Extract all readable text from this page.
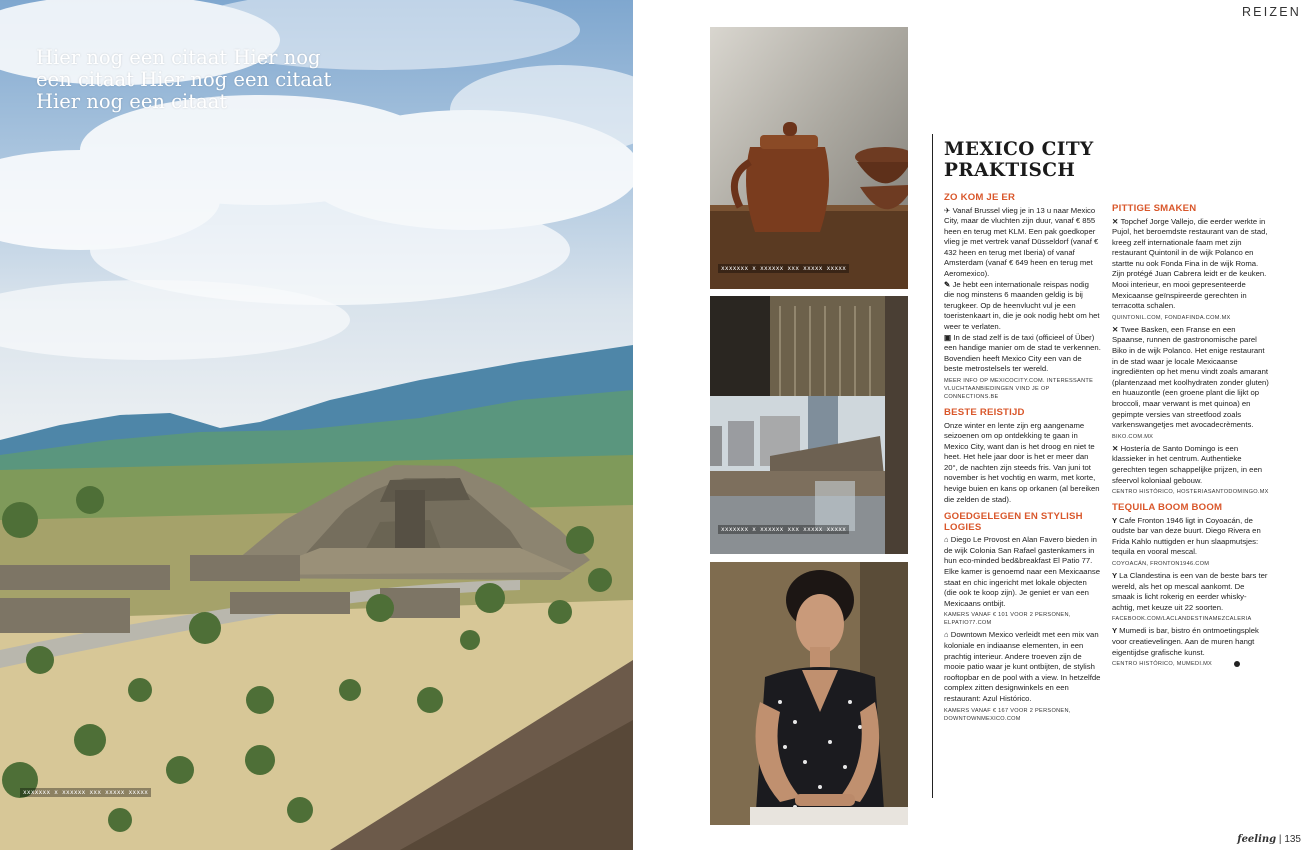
Hier nog een citaat Hier nog een citaat Hier nog een citaat Hier nog een citaat
xxxxxxx x xxxxxx xxx xxxxx xxxxx
REIZEN
xxxxxxx x xxxxxx xxx xxxxx xxxxx
xxxxxxx x xxxxxx xxx xxxxx xxxxx
MEXICO CITY PRAKTISCH
ZO KOM JE ER

✈ Vanaf Brussel vlieg je in 13 u naar Mexico City, maar de vluchten zijn duur, vanaf € 855 heen en terug met KLM. Een pak goedkoper vlieg je met vertrek vanaf Düsseldorf (vanaf € 432 heen en terug met Iberia) of vanaf Amsterdam (vanaf € 649 heen en terug met Aeromexico).

✎ Je hebt een internationale reispas nodig die nog minstens 6 maanden geldig is bij terugkeer. Op de heenvlucht vul je een toeristenkaart in, die je ook nodig hebt om het weer te verlaten.

▣ In de stad zelf is de taxi (officieel of Über) een handige manier om de stad te verkennen. Bovendien heeft Mexico City een van de beste metrostelsels ter wereld.

MEER INFO OP MEXICOCITY.COM. INTERESSANTE VLUCHTAANBIEDINGEN VIND JE OP CONNECTIONS.BE

BESTE REISTIJD

Onze winter en lente zijn erg aangename seizoenen om op ontdekking te gaan in Mexico City, want dan is het droog en niet te heet. Het hele jaar door is het er meer dan 20°, de nachten zijn steeds fris. Van juni tot november is het vochtig en warm, met korte, hevige buien en kans op orkanen (al bereiken die zelden de stad).

GOEDGELEGEN EN STYLISH LOGIES

⌂ Diego Le Provost en Alan Favero bieden in de wijk Colonia San Rafael gastenkamers in hun eco-minded bed&breakfast El Patio 77. Elke kamer is genoemd naar een Mexicaanse staat en chic ingericht met lokale objecten (die ook te koop zijn). Je geniet er van een Mexicaans ontbijt.

KAMERS VANAF € 101 VOOR 2 PERSONEN, ELPATIO77.COM

⌂ Downtown Mexico verleidt met een mix van koloniale en indiaanse elementen, in een prachtig interieur. Andere troeven zijn de mooie patio waar je kunt ontbijten, de stylish rooftopbar en de pool with a view. In hetzelfde complex zitten designwinkels en een restaurant: Azul Histórico.

KAMERS VANAF € 167 VOOR 2 PERSONEN, DOWNTOWNMEXICO.COM

PITTIGE SMAKEN

✕ Topchef Jorge Vallejo, die eerder werkte in Pujol, het beroemdste restaurant van de stad, kreeg zelf internationale faam met zijn restaurant Quintonil in de wijk Polanco en startte nu ook Fonda Fina in de wijk Roma. Zijn protégé Juan Cabrera leidt er de keuken. Mooi interieur, en mooi gepresenteerde Mexicaanse geïnspireerde gerechten in terracotta schalen.

QUINTONIL.COM, FONDAFINDA.COM.MX

✕ Twee Basken, een Franse en een Spaanse, runnen de gastronomische parel Biko in de wijk Polanco. Het enige restaurant in de stad waar je locale Mexicaanse ingrediënten op het menu vindt zoals amarant (plantenzaad met koolhydraten zonder gluten) en huauzontle (een groene plant die lijkt op broccoli, maar verwant is met quinoa) en gepimpte versies van streetfood zoals varkenswangetjes met avocadecrèments.

BIKO.COM.MX

✕ Hostería de Santo Domingo is een klassieker in het centrum. Authentieke gerechten tegen schappelijke prijzen, in een sfeervol koloniaal gebouw.

CENTRO HISTÓRICO, HOSTERIASANTODOMINGO.MX

TEQUILA BOOM BOOM

Y Cafe Fronton 1946 ligt in Coyoacán, de oudste bar van deze buurt. Diego Rivera en Frida Kahlo nuttigden er hun slaapmutsjes: tequila en vooral mescal.

COYOACÁN, FRONTON1946.COM

Y La Clandestina is een van de beste bars ter wereld, als het op mescal aankomt. De smaak is licht rokerig en eerder whisky-achtig, met keuze uit 22 soorten.

FACEBOOK.COM/LACLANDESTINAMEZCALERIA

Y Mumedi is bar, bistro én ontmoetingsplek voor creatievelingen. Aan de muren hangt eigentijdse grafische kunst.

CENTRO HISTÓRICO, MUMEDI.MX

feeling | 135
